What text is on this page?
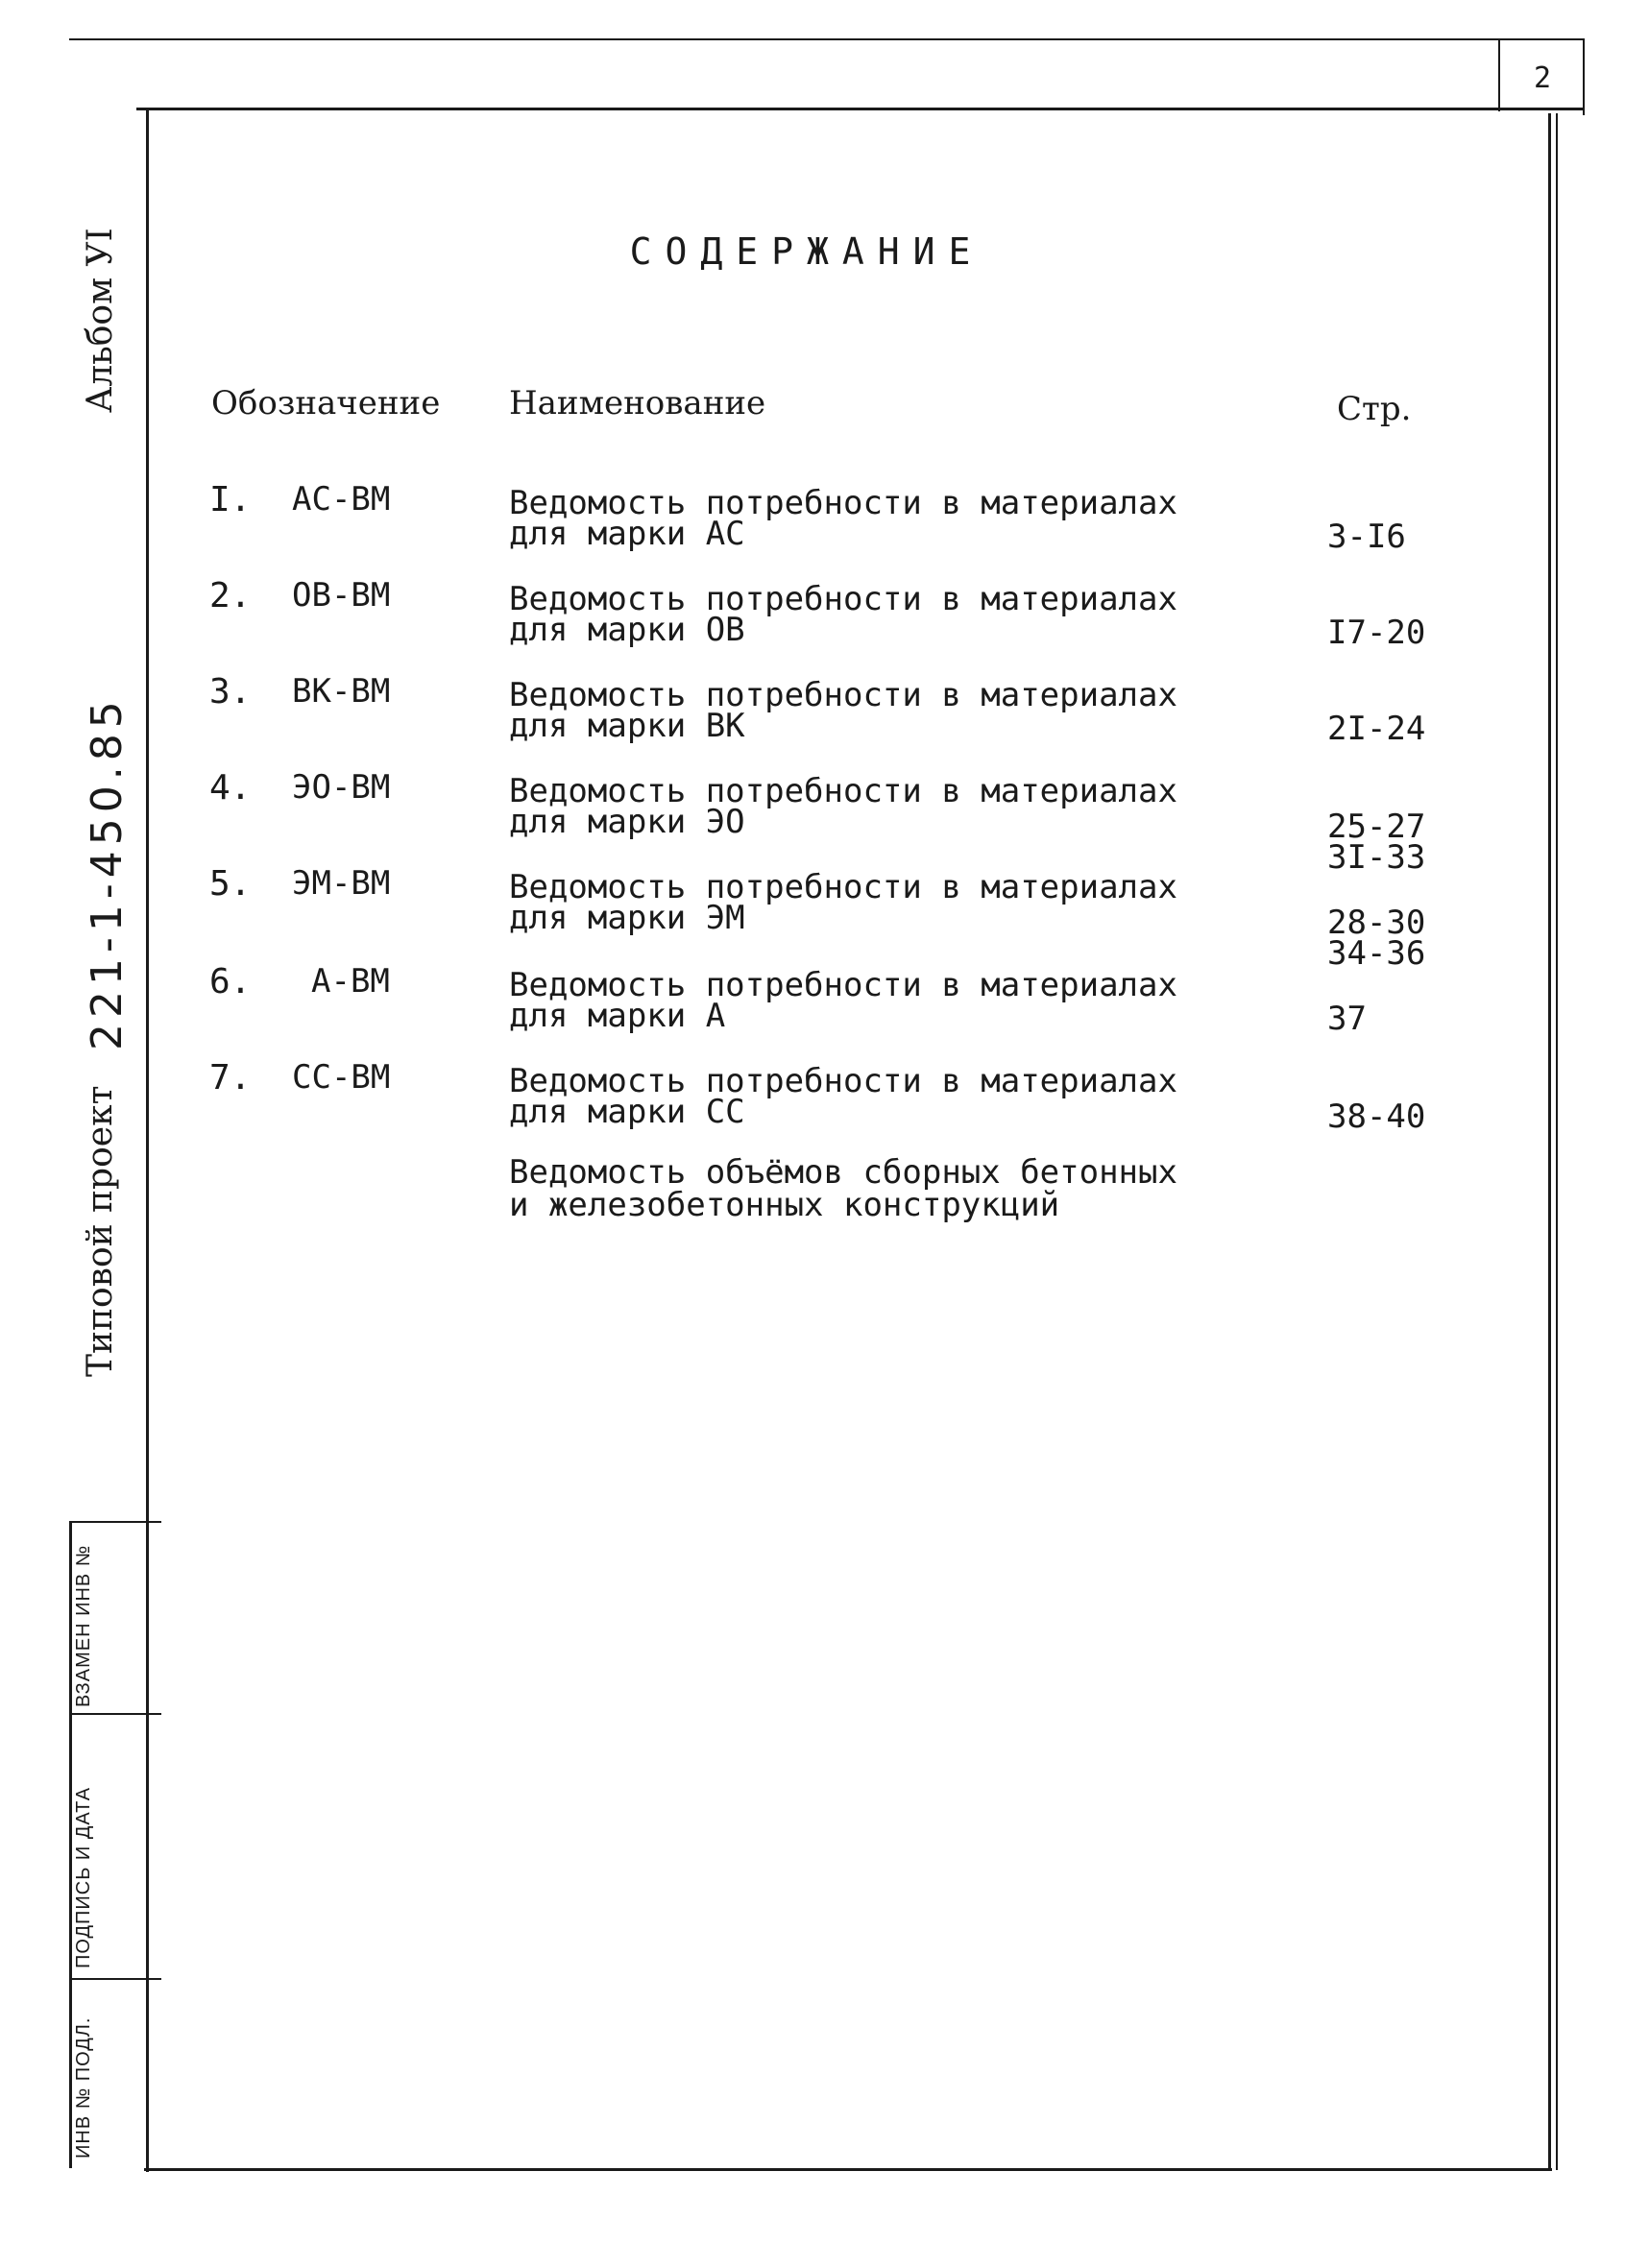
2
Альбом УI
221-1-450.85
Типовой проект
ВЗАМЕН ИНВ №
ПОДПИСЬ И ДАТА
ИНВ № ПОДЛ.
СОДЕРЖАНИЕ
Обозначение Наименование	Стр.
I. АС-ВМ	Ведомость потребности в материалах
для марки АС	3-I6
2. ОВ-ВМ	Ведомость потребности в материалах
для марки ОВ	I7-20
3. ВК-ВМ	Ведомость потребности в материалах
для марки ВК	2I-24
4. ЭО-ВМ	Ведомость потребности в материалах
для марки ЭО	25-27
3I-33
5. ЭМ-ВМ	Ведомость потребности в материалах
для марки ЭМ	28-30
34-36
6. А-ВМ	Ведомость потребности в материалах
для марки А	37
7. СС-ВМ	Ведомость потребности в материалах
для марки СС	38-40
Ведомость объёмов сборных бетонных
и железобетонных конструкций
